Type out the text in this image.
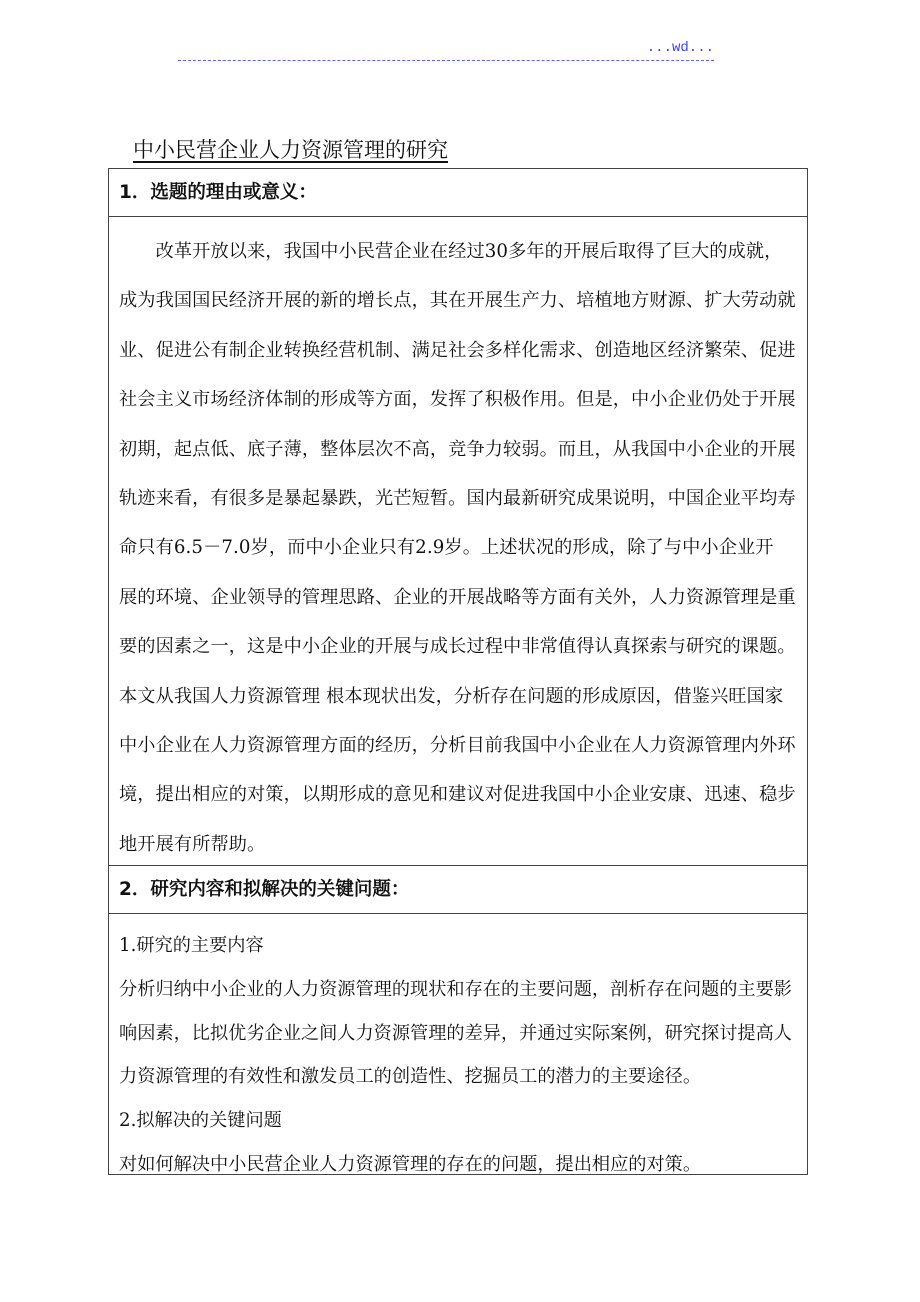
...wd...
中小民营企业人力资源管理的研究
1．选题的理由或意义：
　　改革开放以来，我国中小民营企业在经过30多年的开展后取得了巨大的成就，
成为我国国民经济开展的新的增长点，其在开展生产力、培植地方财源、扩大劳动就
业、促进公有制企业转换经营机制、满足社会多样化需求、创造地区经济繁荣、促进
社会主义市场经济体制的形成等方面，发挥了积极作用。但是，中小企业仍处于开展
初期，起点低、底子薄，整体层次不高，竞争力较弱。而且，从我国中小企业的开展
轨迹来看，有很多是暴起暴跌，光芒短暂。国内最新研究成果说明，中国企业平均寿
命只有6.5－7.0岁，而中小企业只有2.9岁。上述状况的形成，除了与中小企业开
展的环境、企业领导的管理思路、企业的开展战略等方面有关外，人力资源管理是重
要的因素之一，这是中小企业的开展与成长过程中非常值得认真探索与研究的课题。
本文从我国人力资源管理 根本现状出发，分析存在问题的形成原因，借鉴兴旺国家
中小企业在人力资源管理方面的经历，分析目前我国中小企业在人力资源管理内外环
境，提出相应的对策，以期形成的意见和建议对促进我国中小企业安康、迅速、稳步
地开展有所帮助。
2．研究内容和拟解决的关键问题：
1.研究的主要内容
分析归纳中小企业的人力资源管理的现状和存在的主要问题，剖析存在问题的主要影
响因素，比拟优劣企业之间人力资源管理的差异，并通过实际案例，研究探讨提高人
力资源管理的有效性和激发员工的创造性、挖掘员工的潜力的主要途径。
2.拟解决的关键问题
对如何解决中小民营企业人力资源管理的存在的问题，提出相应的对策。
